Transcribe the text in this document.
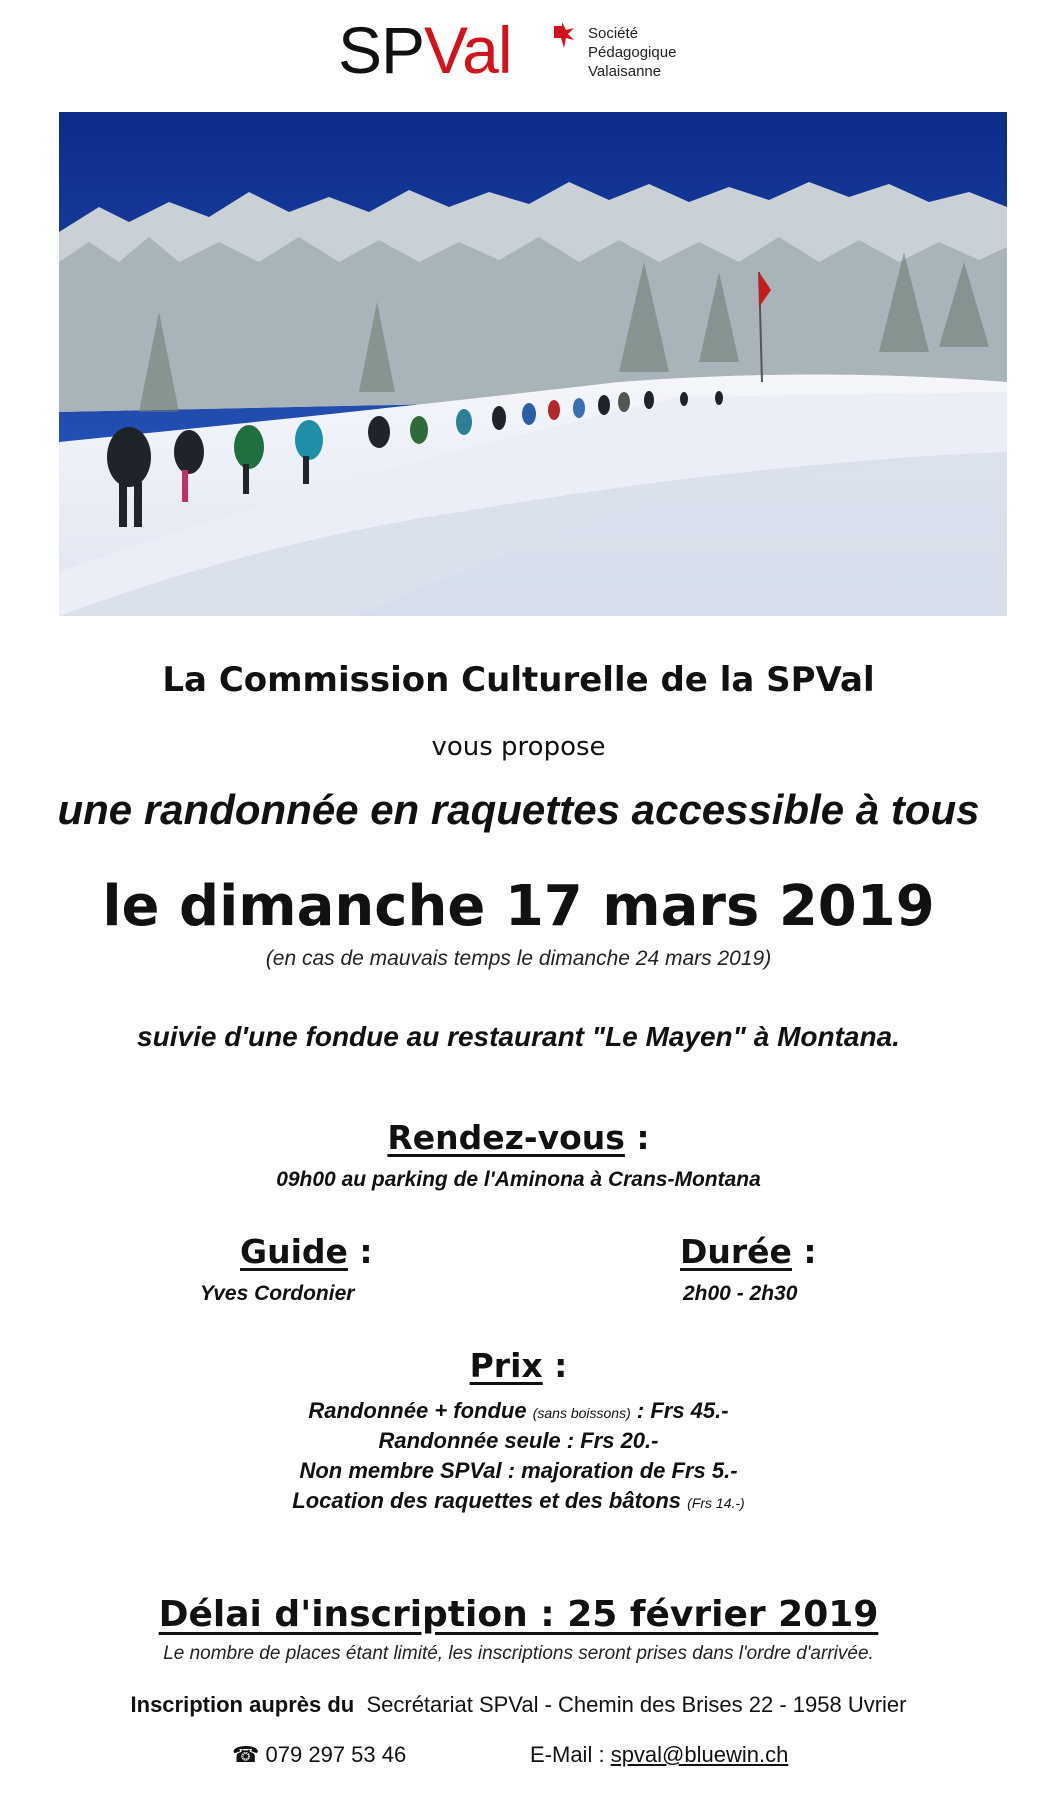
SPVal	Société
Pédagogique
Valaisanne
La Commission Culturelle de la SPVal
vous propose
une randonnée en raquettes accessible à tous
le dimanche 17 mars 2019
(en cas de mauvais temps le dimanche 24 mars 2019)
suivie d'une fondue au restaurant "Le Mayen" à Montana.
Rendez-vous :
09h00 au parking de l'Aminona à Crans-Montana
Guide :
Yves Cordonier
Durée :
2h00 - 2h30
Prix :
Randonnée + fondue (sans boissons) : Frs 45.-
Randonnée seule : Frs 20.-
Non membre SPVal : majoration de Frs 5.-
Location des raquettes et des bâtons (Frs 14.-)
Délai d'inscription : 25 février 2019
Le nombre de places étant limité, les inscriptions seront prises dans l'ordre d'arrivée.
Inscription auprès du Secrétariat SPVal - Chemin des Brises 22 - 1958 Uvrier
☎ 079 297 53 46	E-Mail : spval@bluewin.ch
